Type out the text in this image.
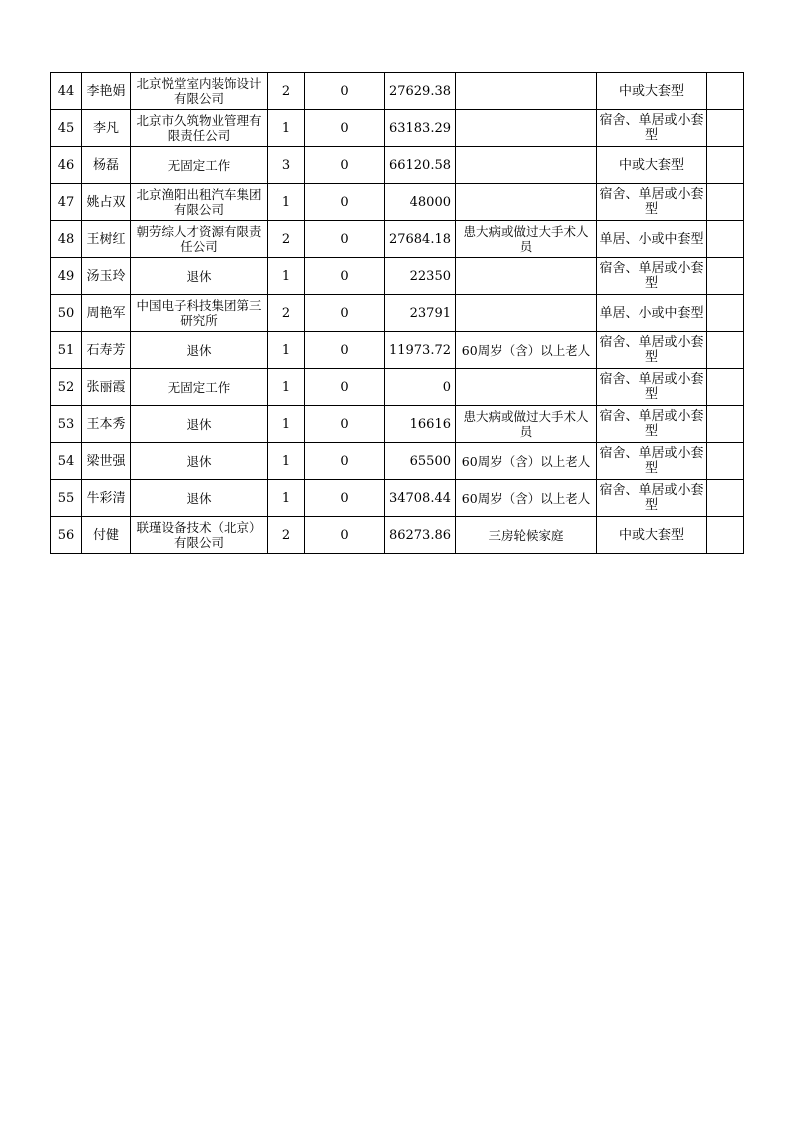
44	李艳娟	北京悦堂室内装饰设计有限公司	2	0	27629.38		中或大套型	
45	李凡	北京市久筑物业管理有限责任公司	1	0	63183.29		宿舍、单居或小套型	
46	杨磊	无固定工作	3	0	66120.58		中或大套型	
47	姚占双	北京渔阳出租汽车集团有限公司	1	0	48000		宿舍、单居或小套型	
48	王树红	朝劳综人才资源有限责任公司	2	0	27684.18	患大病或做过大手术人员	单居、小或中套型	
49	汤玉玲	退休	1	0	22350		宿舍、单居或小套型	
50	周艳军	中国电子科技集团第三研究所	2	0	23791		单居、小或中套型	
51	石寿芳	退休	1	0	11973.72	60周岁（含）以上老人	宿舍、单居或小套型	
52	张丽霞	无固定工作	1	0	0		宿舍、单居或小套型	
53	王本秀	退休	1	0	16616	患大病或做过大手术人员	宿舍、单居或小套型	
54	梁世强	退休	1	0	65500	60周岁（含）以上老人	宿舍、单居或小套型	
55	牛彩清	退休	1	0	34708.44	60周岁（含）以上老人	宿舍、单居或小套型	
56	付健	联瑾设备技术（北京）有限公司	2	0	86273.86	三房轮候家庭	中或大套型	
